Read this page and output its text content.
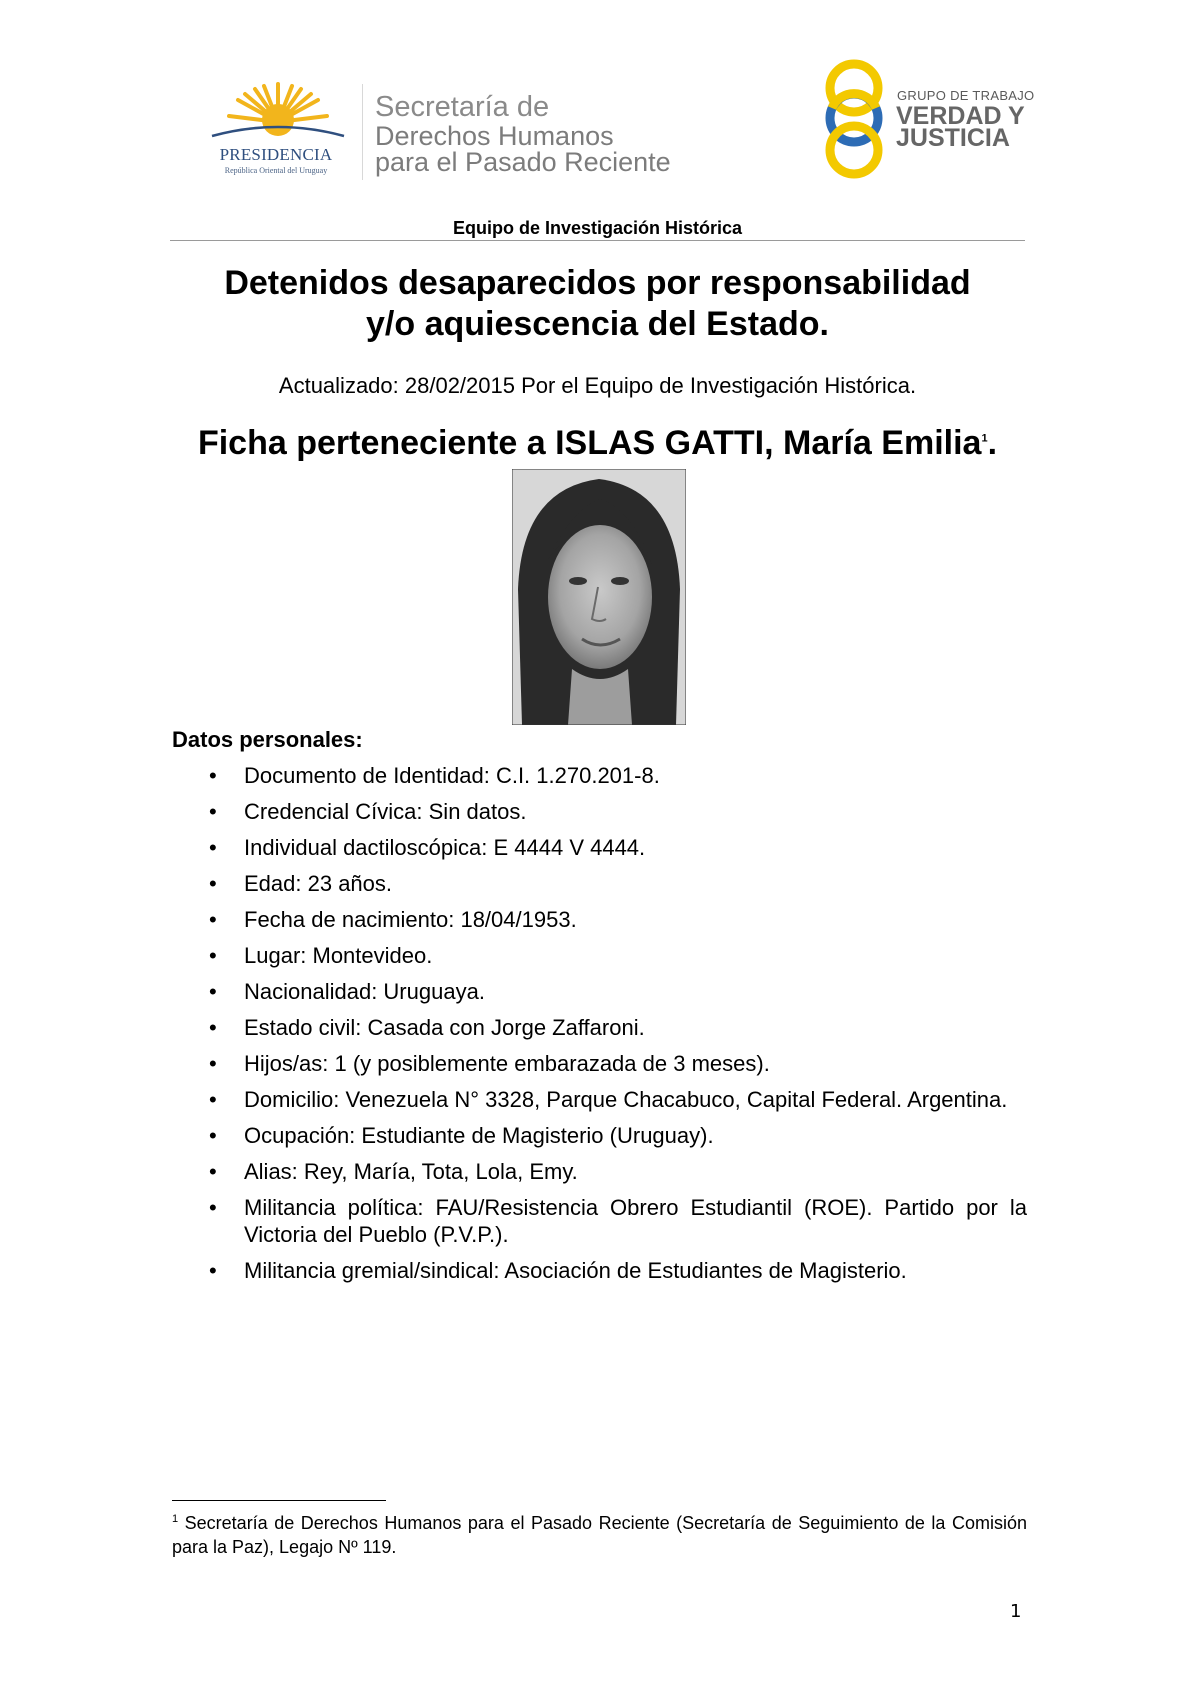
PRESIDENCIA
República Oriental del Uruguay
Secretaría de
Derechos Humanos
para el Pasado Reciente
GRUPO DE TRABAJO
VERDAD Y
JUSTICIA
Equipo de Investigación Histórica
Detenidos desaparecidos por responsabilidad
y/o aquiescencia del Estado.
Actualizado: 28/02/2015 Por el Equipo de Investigación Histórica.
Ficha perteneciente a ISLAS GATTI, María Emilia$^1$.
Datos personales:
• Documento de Identidad: C.I. 1.270.201-8.
• Credencial Cívica: Sin datos.
• Individual dactiloscópica: E 4444 V 4444.
• Edad: 23 años.
• Fecha de nacimiento: 18/04/1953.
• Lugar: Montevideo.
• Nacionalidad: Uruguaya.
• Estado civil: Casada con Jorge Zaffaroni.
• Hijos/as: 1 (y posiblemente embarazada de 3 meses).
• Domicilio: Venezuela N° 3328, Parque Chacabuco, Capital Federal. Argentina.
• Ocupación: Estudiante de Magisterio (Uruguay).
• Alias: Rey, María, Tota, Lola, Emy.
• Militancia política: FAU/Resistencia Obrero Estudiantil (ROE). Partido por la Victoria del Pueblo (P.V.P.).
• Militancia gremial/sindical: Asociación de Estudiantes de Magisterio.
$^1$ Secretaría de Derechos Humanos para el Pasado Reciente (Secretaría de Seguimiento de la Comisión para la Paz), Legajo Nº 119.
1
